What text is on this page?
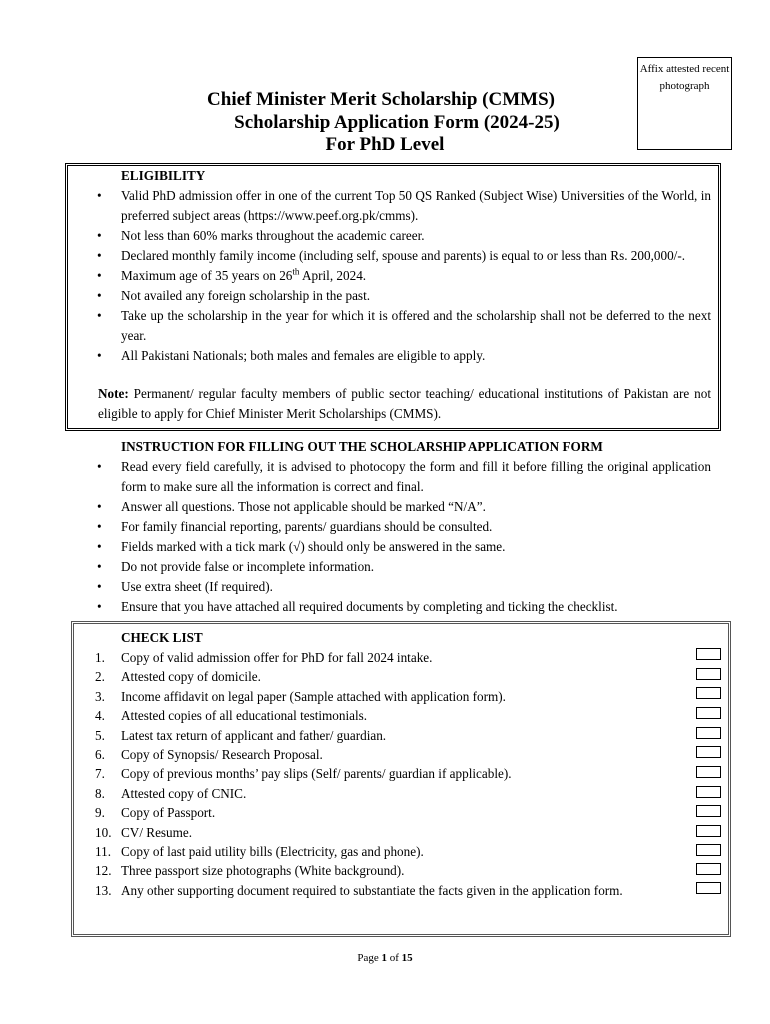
Affix attested recent photograph
Chief Minister Merit Scholarship (CMMS)
Scholarship Application Form (2024-25)
For PhD Level
ELIGIBILITY
• Valid PhD admission offer in one of the current Top 50 QS Ranked (Subject Wise) Universities of the World, in preferred subject areas (https://www.peef.org.pk/cmms).
• Not less than 60% marks throughout the academic career.
• Declared monthly family income (including self, spouse and parents) is equal to or less than Rs. 200,000/-.
• Maximum age of 35 years on 26th April, 2024.
• Not availed any foreign scholarship in the past.
• Take up the scholarship in the year for which it is offered and the scholarship shall not be deferred to the next year.
• All Pakistani Nationals; both males and females are eligible to apply.
Note: Permanent/ regular faculty members of public sector teaching/ educational institutions of Pakistan are not eligible to apply for Chief Minister Merit Scholarships (CMMS).
INSTRUCTION FOR FILLING OUT THE SCHOLARSHIP APPLICATION FORM
• Read every field carefully, it is advised to photocopy the form and fill it before filling the original application form to make sure all the information is correct and final.
• Answer all questions. Those not applicable should be marked “N/A”.
• For family financial reporting, parents/ guardians should be consulted.
• Fields marked with a tick mark (√) should only be answered in the same.
• Do not provide false or incomplete information.
• Use extra sheet (If required).
• Ensure that you have attached all required documents by completing and ticking the checklist.
CHECK LIST
1. Copy of valid admission offer for PhD for fall 2024 intake.
2. Attested copy of domicile.
3. Income affidavit on legal paper (Sample attached with application form).
4. Attested copies of all educational testimonials.
5. Latest tax return of applicant and father/ guardian.
6. Copy of Synopsis/ Research Proposal.
7. Copy of previous months’ pay slips (Self/ parents/ guardian if applicable).
8. Attested copy of CNIC.
9. Copy of Passport.
10. CV/ Resume.
11. Copy of last paid utility bills (Electricity, gas and phone).
12. Three passport size photographs (White background).
13. Any other supporting document required to substantiate the facts given in the application form.
Page 1 of 15
